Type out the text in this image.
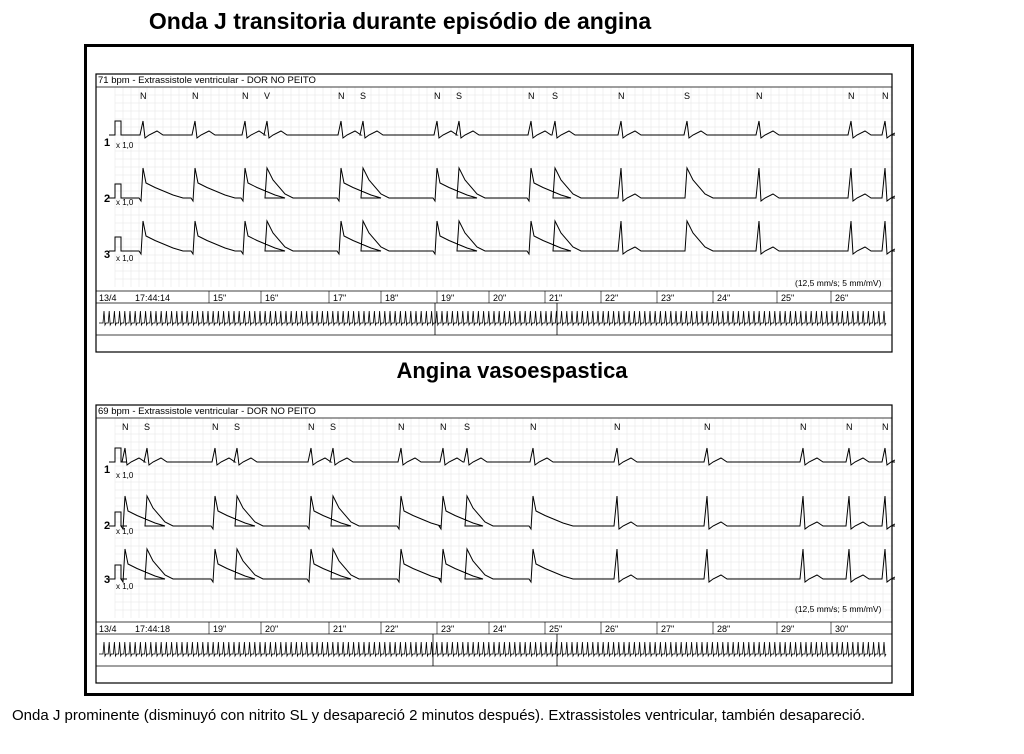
Onda J transitoria durante episódio de angina
Angina vasoespastica
Onda J prominente (disminuyó con nitrito SL y desapareció 2 minutos después). Extrassistoles ventricular, también desapareció.
N	N	N V	N S	N S	N S	N	S	N	N	N
13/4 17:44:14	15"	16"	17"	18"	19"	20"	21"	22"	23"	24"	25"	26"
71 bpm - Extrassistole ventricular - DOR NO PEITO
1
2
3
x 1,0
x 1,0
x 1,0
(12,5 mm/s; 5 mm/mV)
N S	N S	N S	N	N S	N	N	N	N	N	N
13/4 17:44:18	19"	20"	21"	22"	23"	24"	25"	26"	27"	28"	29"	30"
69 bpm - Extrassistole ventricular - DOR NO PEITO
1
2
3
x 1,0
x 1,0
x 1,0
(12,5 mm/s; 5 mm/mV)
